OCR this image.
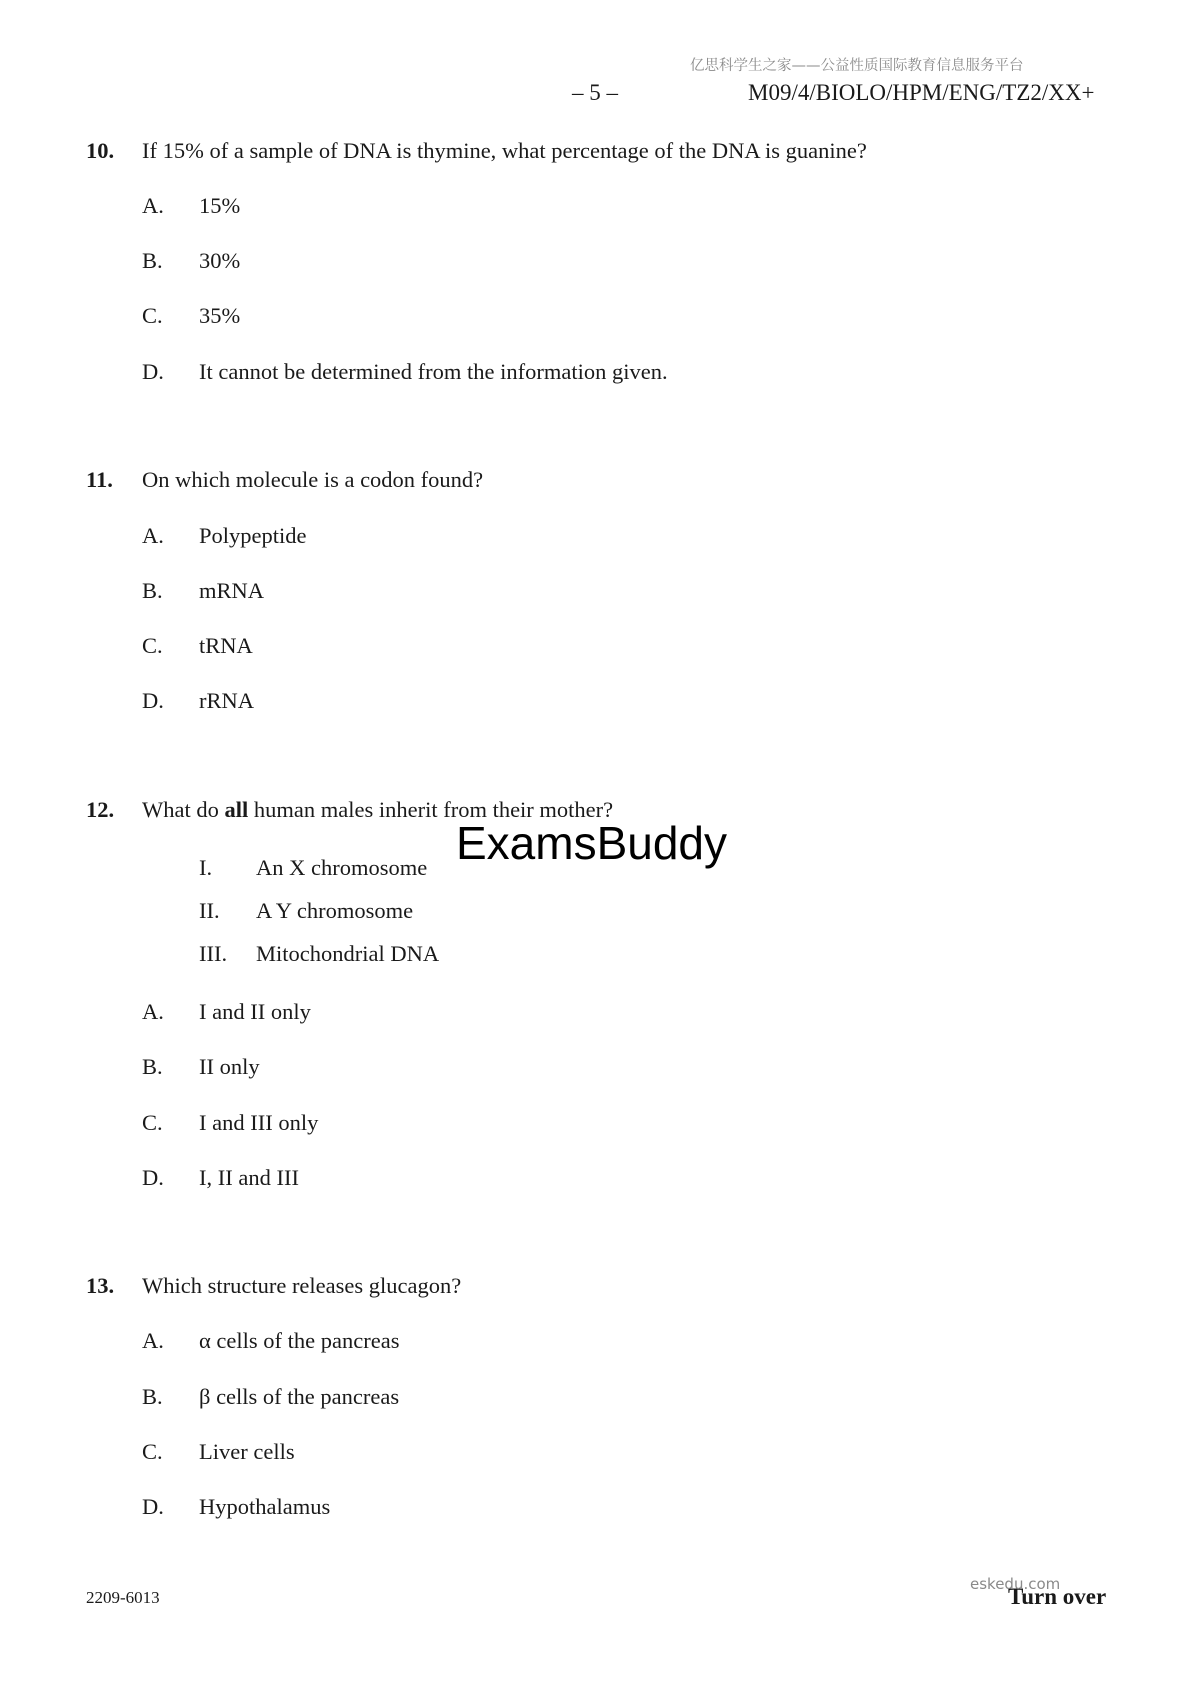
亿思科学生之家——公益性质国际教育信息服务平台
– 5 –	M09/4/BIOLO/HPM/ENG/TZ2/XX+
10. If 15% of a sample of DNA is thymine, what percentage of the DNA is guanine?
A. 15%
B. 30%
C. 35%
D. It cannot be determined from the information given.
11. On which molecule is a codon found?
A. Polypeptide
B. mRNA
C. tRNA
D. rRNA
12. What do all human males inherit from their mother?
I. An X chromosome
II. A Y chromosome
III. Mitochondrial DNA
A. I and II only
B. II only
C. I and III only
D. I, II and III
13. Which structure releases glucagon?
A. α cells of the pancreas
B. β cells of the pancreas
C. Liver cells
D. Hypothalamus
ExamsBuddy
2209-6013	Turn over
eskedu.com
